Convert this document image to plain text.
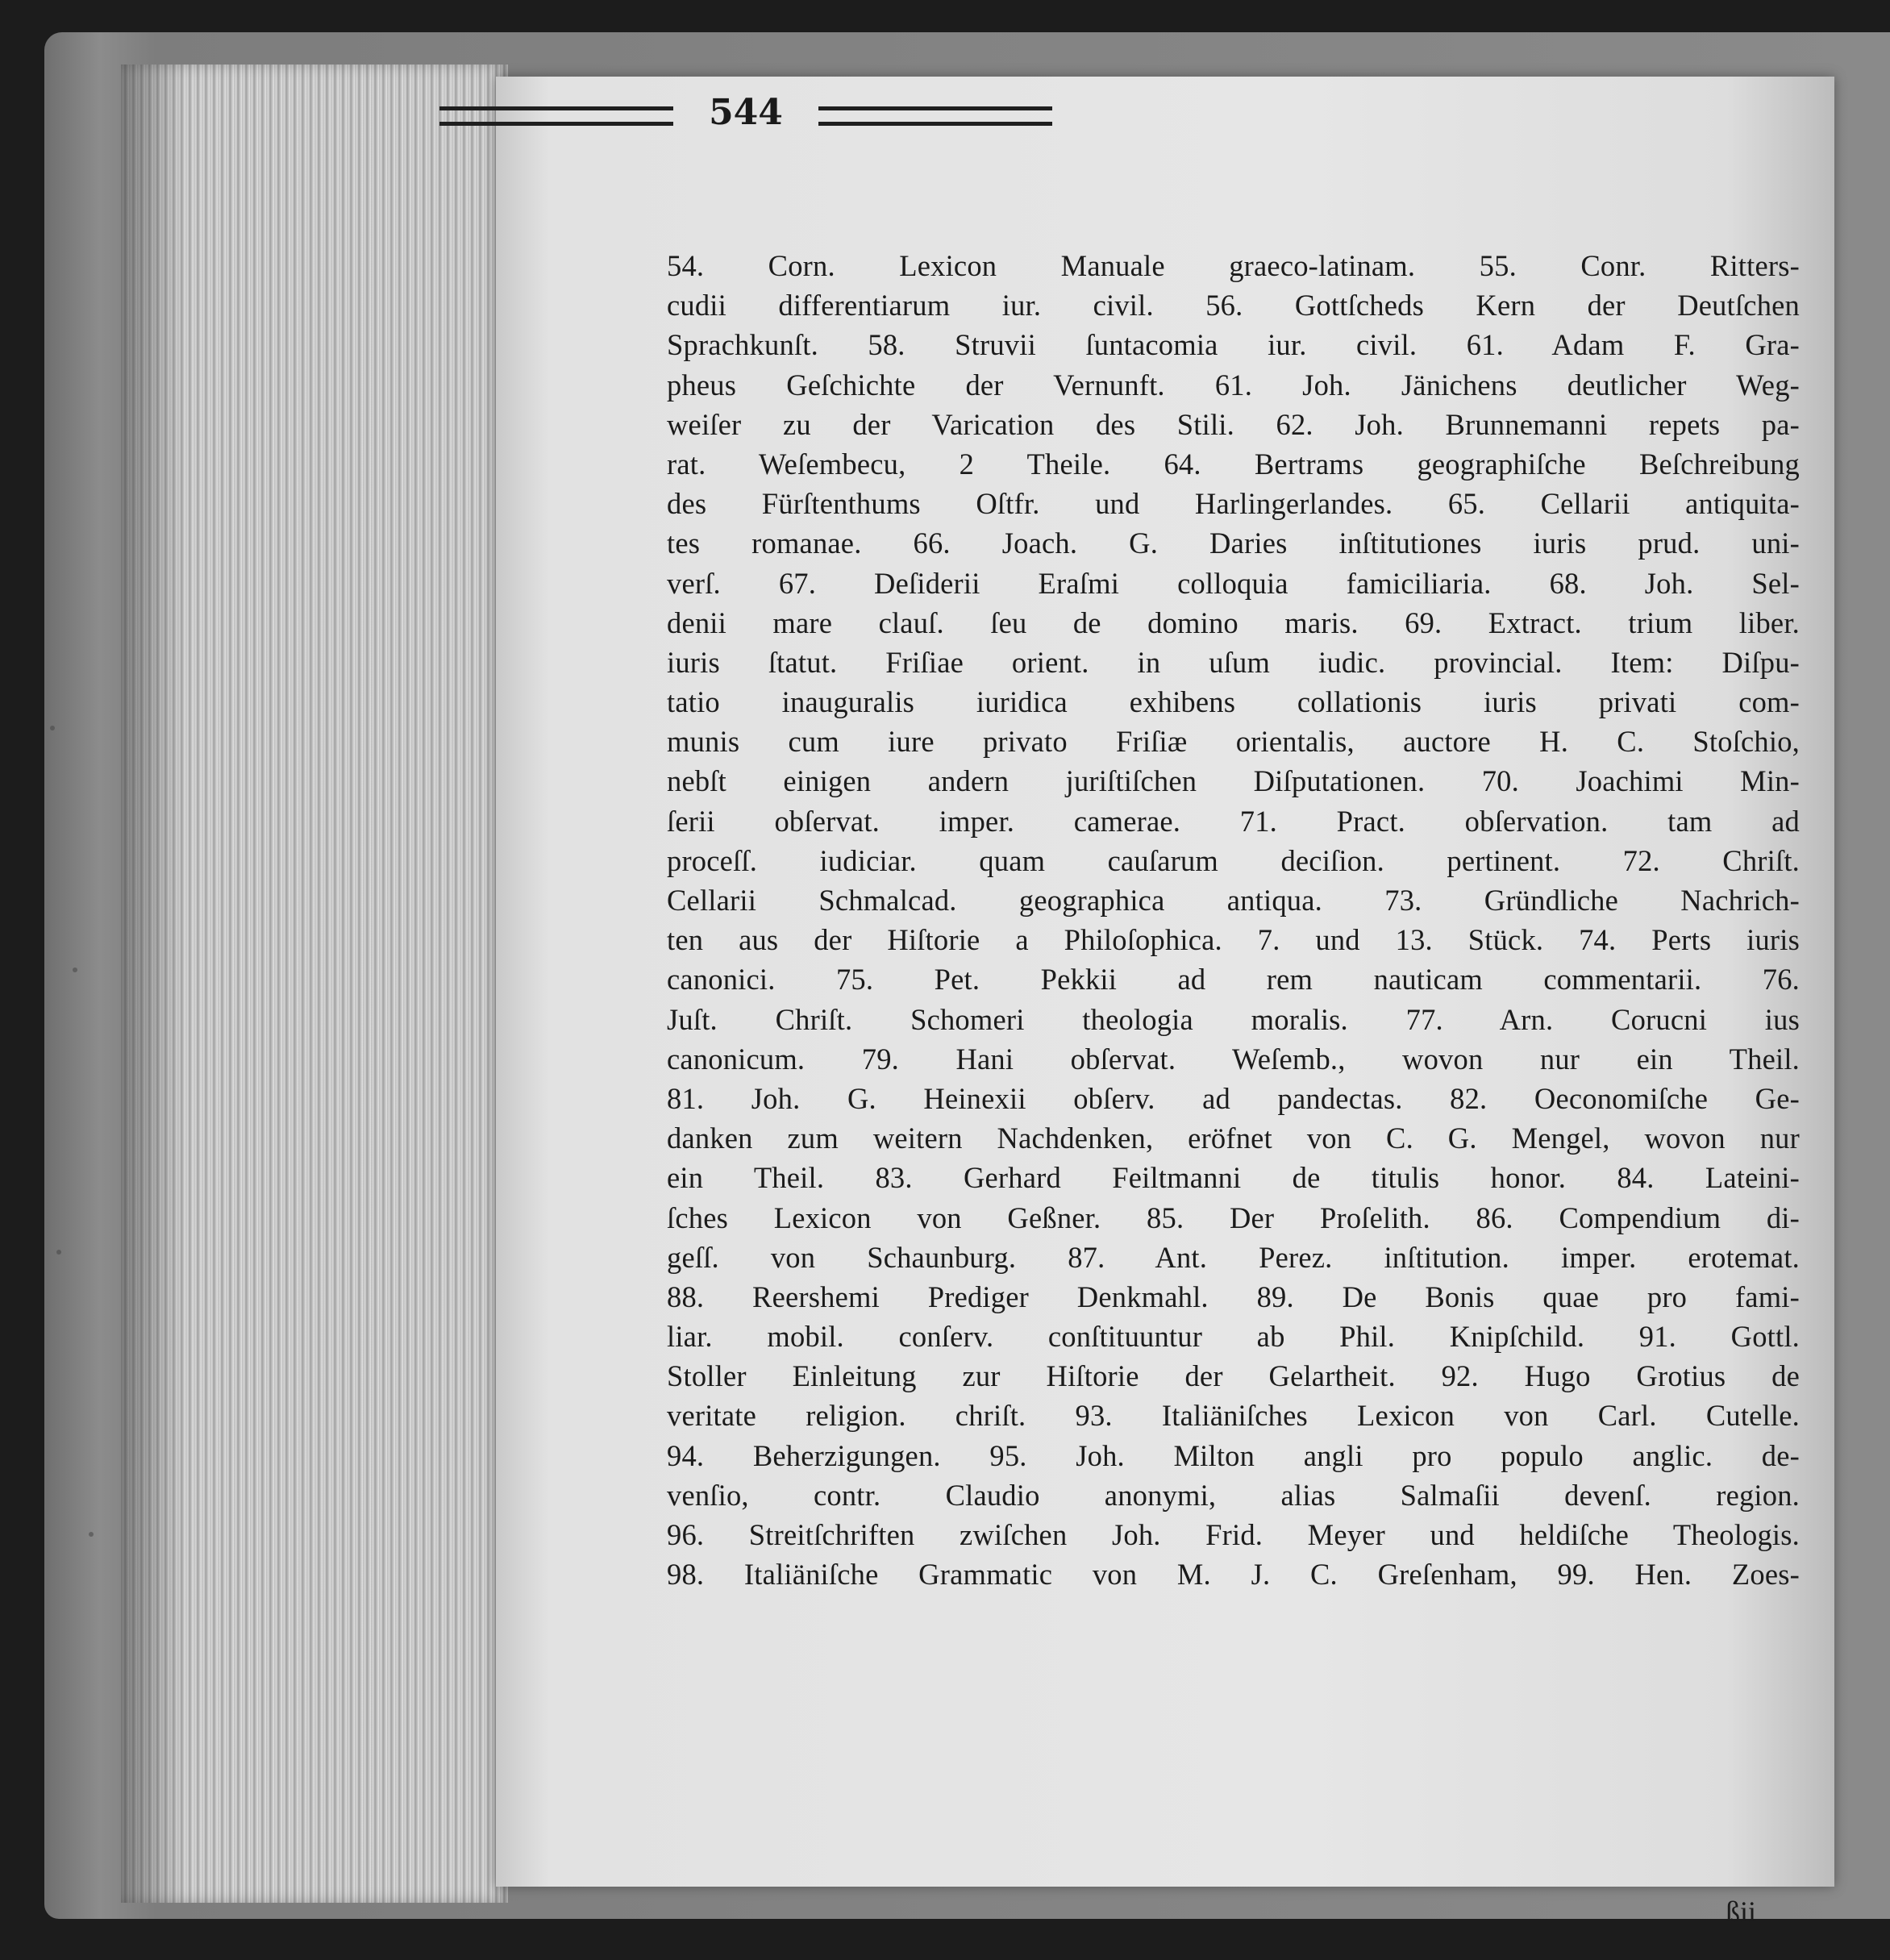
544
54. Corn. Lexicon Manuale graeco-latinam. 55. Conr. Ritters-
cudii differentiarum iur. civil. 56. Gottſcheds Kern der Deutſchen
Sprachkunſt. 58. Struvii ſuntacomia iur. civil. 61. Adam F. Gra-
pheus Geſchichte der Vernunft. 61. Joh. Jänichens deutlicher Weg-
weiſer zu der Varication des Stili. 62. Joh. Brunnemanni repets pa-
rat. Weſembecu, 2 Theile. 64. Bertrams geographiſche Beſchreibung
des Fürſtenthums Oſtfr. und Harlingerlandes. 65. Cellarii antiquita-
tes romanae. 66. Joach. G. Daries inſtitutiones iuris prud. uni-
verſ. 67. Deſiderii Eraſmi colloquia famiciliaria. 68. Joh. Sel-
denii mare clauſ. ſeu de domino maris. 69. Extract. trium liber.
iuris ſtatut. Friſiae orient. in uſum iudic. provincial. Item: Diſpu-
tatio inauguralis iuridica exhibens collationis iuris privati com-
munis cum iure privato Friſiæ orientalis, auctore H. C. Stoſchio,
nebſt einigen andern juriſtiſchen Diſputationen. 70. Joachimi Min-
ſerii obſervat. imper. camerae. 71. Pract. obſervation. tam ad
proceſſ. iudiciar. quam cauſarum deciſion. pertinent. 72. Chriſt.
Cellarii Schmalcad. geographica antiqua. 73. Gründliche Nachrich-
ten aus der Hiſtorie a Philoſophica. 7. und 13. Stück. 74. Perts iuris
canonici. 75. Pet. Pekkii ad rem nauticam commentarii. 76.
Juſt. Chriſt. Schomeri theologia moralis. 77. Arn. Corucni ius
canonicum. 79. Hani obſervat. Weſemb., wovon nur ein Theil.
81. Joh. G. Heinexii obſerv. ad pandectas. 82. Oeconomiſche Ge-
danken zum weitern Nachdenken, eröfnet von C. G. Mengel, wovon nur
ein Theil. 83. Gerhard Feiltmanni de titulis honor. 84. Lateini-
ſches Lexicon von Geßner. 85. Der Proſelith. 86. Compendium di-
geſſ. von Schaunburg. 87. Ant. Perez. inſtitution. imper. erotemat.
88. Reershemi Prediger Denkmahl. 89. De Bonis quae pro fami-
liar. mobil. conſerv. conſtituuntur ab Phil. Knipſchild. 91. Gottl.
Stoller Einleitung zur Hiſtorie der Gelartheit. 92. Hugo Grotius de
veritate religion. chriſt. 93. Italiäniſches Lexicon von Carl. Cutelle.
94. Beherzigungen. 95. Joh. Milton angli pro populo anglic. de-
venſio, contr. Claudio anonymi, alias Salmaſii devenſ. region.
96. Streitſchriften zwiſchen Joh. Frid. Meyer und heldiſche Theologis.
98. Italiäniſche Grammatic von M. J. C. Greſenham, 99. Hen. Zoes-
ßii
